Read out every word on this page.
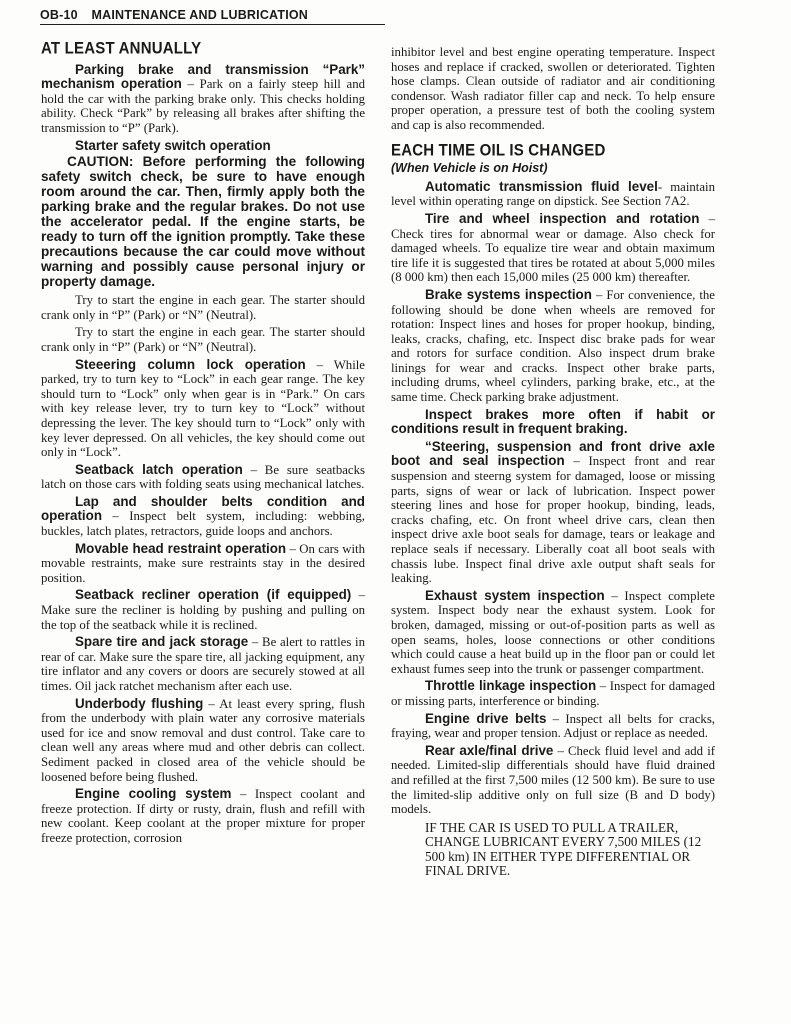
OB-10 MAINTENANCE AND LUBRICATION
AT LEAST ANNUALLY

Parking brake and transmission “Park” mechanism operation – Park on a fairly steep hill and hold the car with the parking brake only. This checks holding ability. Check “Park” by releasing all brakes after shifting the transmission to “P” (Park).

Starter safety switch operation
CAUTION: Before performing the following safety switch check, be sure to have enough room around the car. Then, firmly apply both the parking brake and the regular brakes. Do not use the accelerator pedal. If the engine starts, be ready to turn off the ignition promptly. Take these precautions because the car could move without warning and possibly cause personal injury or property damage.

Try to start the engine in each gear. The starter should crank only in “P” (Park) or “N” (Neutral).

Try to start the engine in each gear. The starter should crank only in “P” (Park) or “N” (Neutral).

Steeering column lock operation – While parked, try to turn key to “Lock” in each gear range. The key should turn to “Lock” only when gear is in “Park.” On cars with key release lever, try to turn key to “Lock” without depressing the lever. The key should turn to “Lock” only with key lever depressed. On all vehicles, the key should come out only in “Lock”.

Seatback latch operation – Be sure seatbacks latch on those cars with folding seats using mechanical latches.

Lap and shoulder belts condition and operation – Inspect belt system, including: webbing, buckles, latch plates, retractors, guide loops and anchors.

Movable head restraint operation – On cars with movable restraints, make sure restraints stay in the desired position.

Seatback recliner operation (if equipped) – Make sure the recliner is holding by pushing and pulling on the top of the seatback while it is reclined.

Spare tire and jack storage – Be alert to rattles in rear of car. Make sure the spare tire, all jacking equipment, any tire inflator and any covers or doors are securely stowed at all times. Oil jack ratchet mechanism after each use.

Underbody flushing – At least every spring, flush from the underbody with plain water any corrosive materials used for ice and snow removal and dust control. Take care to clean well any areas where mud and other debris can collect. Sediment packed in closed area of the vehicle should be loosened before being flushed.

Engine cooling system – Inspect coolant and freeze protection. If dirty or rusty, drain, flush and refill with new coolant. Keep coolant at the proper mixture for proper freeze protection, corrosion

inhibitor level and best engine operating temperature. Inspect hoses and replace if cracked, swollen or deteriorated. Tighten hose clamps. Clean outside of radiator and air conditioning condensor. Wash radiator filler cap and neck. To help ensure proper operation, a pressure test of both the cooling system and cap is also recommended.

EACH TIME OIL IS CHANGED
(When Vehicle is on Hoist)

Automatic transmission fluid level- maintain level within operating range on dipstick. See Section 7A2.

Tire and wheel inspection and rotation – Check tires for abnormal wear or damage. Also check for damaged wheels. To equalize tire wear and obtain maximum tire life it is suggested that tires be rotated at about 5,000 miles (8 000 km) then each 15,000 miles (25 000 km) thereafter.

Brake systems inspection – For convenience, the following should be done when wheels are removed for rotation: Inspect lines and hoses for proper hookup, binding, leaks, cracks, chafing, etc. Inspect disc brake pads for wear and rotors for surface condition. Also inspect drum brake linings for wear and cracks. Inspect other brake parts, including drums, wheel cylinders, parking brake, etc., at the same time. Check parking brake adjustment.

Inspect brakes more often if habit or conditions result in frequent braking.

“Steering, suspension and front drive axle boot and seal inspection – Inspect front and rear suspension and steerng system for damaged, loose or missing parts, signs of wear or lack of lubrication. Inspect power steering lines and hose for proper hookup, binding, leads, cracks chafing, etc. On front wheel drive cars, clean then inspect drive axle boot seals for damage, tears or leakage and replace seals if necessary. Liberally coat all boot seals with chassis lube. Inspect final drive axle output shaft seals for leaking.

Exhaust system inspection – Inspect complete system. Inspect body near the exhaust system. Look for broken, damaged, missing or out-of-position parts as well as open seams, holes, loose connections or other conditions which could cause a heat build up in the floor pan or could let exhaust fumes seep into the trunk or passenger compartment.

Throttle linkage inspection – Inspect for damaged or missing parts, interference or binding.

Engine drive belts – Inspect all belts for cracks, fraying, wear and proper tension. Adjust or replace as needed.

Rear axle/final drive – Check fluid level and add if needed. Limited-slip differentials should have fluid drained and refilled at the first 7,500 miles (12 500 km). Be sure to use the limited-slip additive only on full size (B and D body) models.

IF THE CAR IS USED TO PULL A TRAILER, CHANGE LUBRICANT EVERY 7,500 MILES (12 500 km) IN EITHER TYPE DIFFERENTIAL OR FINAL DRIVE.
